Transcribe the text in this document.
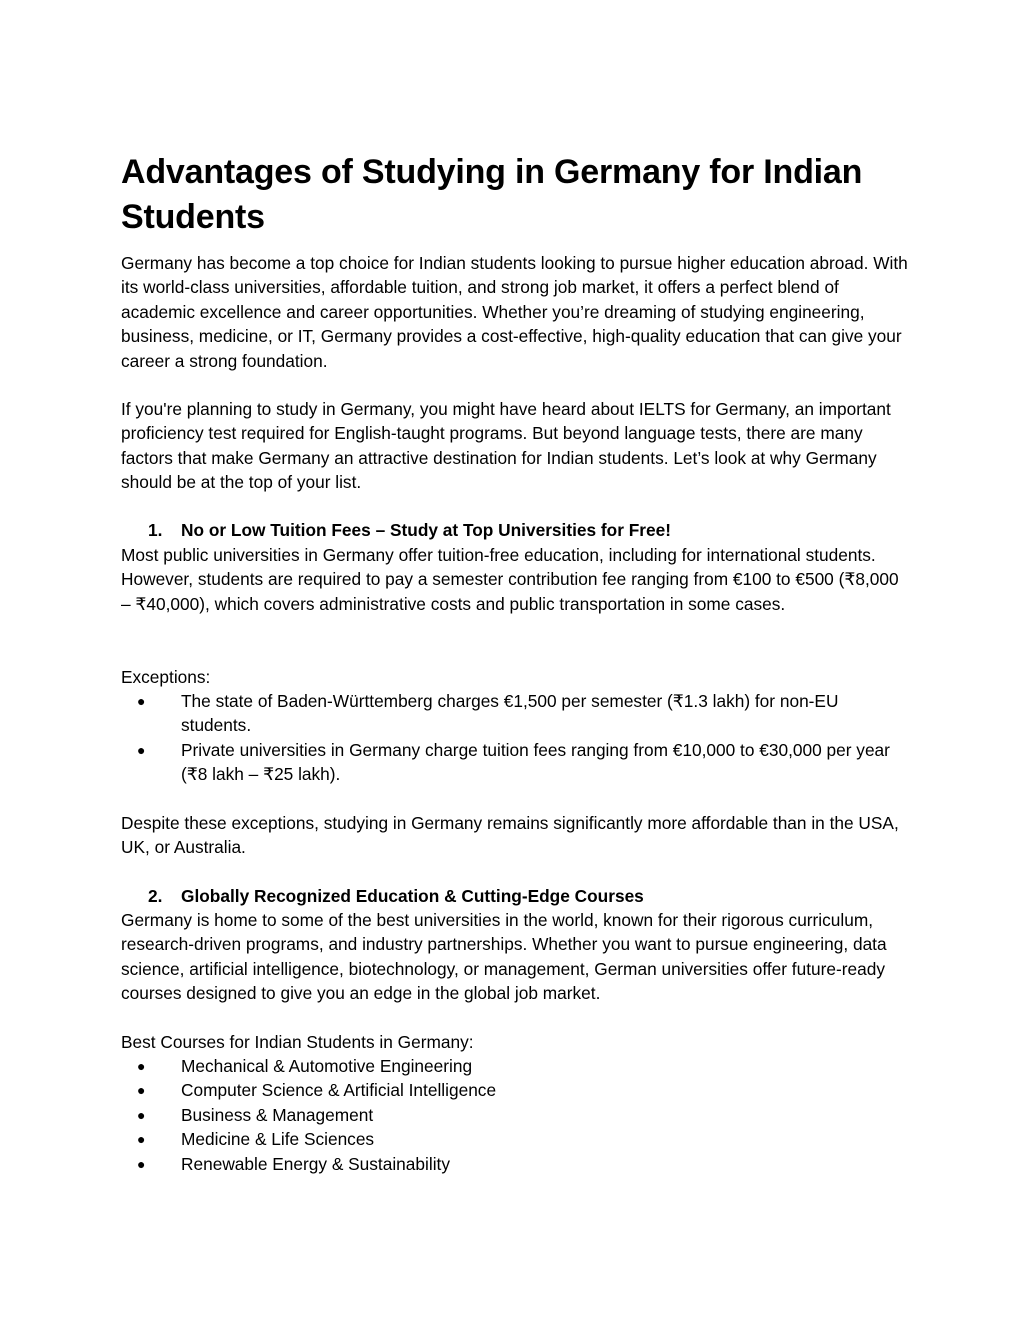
Advantages of Studying in Germany for Indian Students

Germany has become a top choice for Indian students looking to pursue higher education abroad. With its world-class universities, affordable tuition, and strong job market, it offers a perfect blend of academic excellence and career opportunities. Whether you’re dreaming of studying engineering, business, medicine, or IT, Germany provides a cost-effective, high-quality education that can give your career a strong foundation.

If you're planning to study in Germany, you might have heard about IELTS for Germany, an important proficiency test required for English-taught programs. But beyond language tests, there are many factors that make Germany an attractive destination for Indian students. Let’s look at why Germany should be at the top of your list.

1.	No or Low Tuition Fees – Study at Top Universities for Free!

Most public universities in Germany offer tuition-free education, including for international students. However, students are required to pay a semester contribution fee ranging from €100 to €500 (₹8,000 – ₹40,000), which covers administrative costs and public transportation in some cases.

Exceptions:

● The state of Baden-Württemberg charges €1,500 per semester (₹1.3 lakh) for non-EU students.
● Private universities in Germany charge tuition fees ranging from €10,000 to €30,000 per year (₹8 lakh – ₹25 lakh).

Despite these exceptions, studying in Germany remains significantly more affordable than in the USA, UK, or Australia.

2.	Globally Recognized Education & Cutting-Edge Courses

Germany is home to some of the best universities in the world, known for their rigorous curriculum, research-driven programs, and industry partnerships. Whether you want to pursue engineering, data science, artificial intelligence, biotechnology, or management, German universities offer future-ready courses designed to give you an edge in the global job market.

Best Courses for Indian Students in Germany:

● Mechanical & Automotive Engineering
● Computer Science & Artificial Intelligence
● Business & Management
● Medicine & Life Sciences
● Renewable Energy & Sustainability
